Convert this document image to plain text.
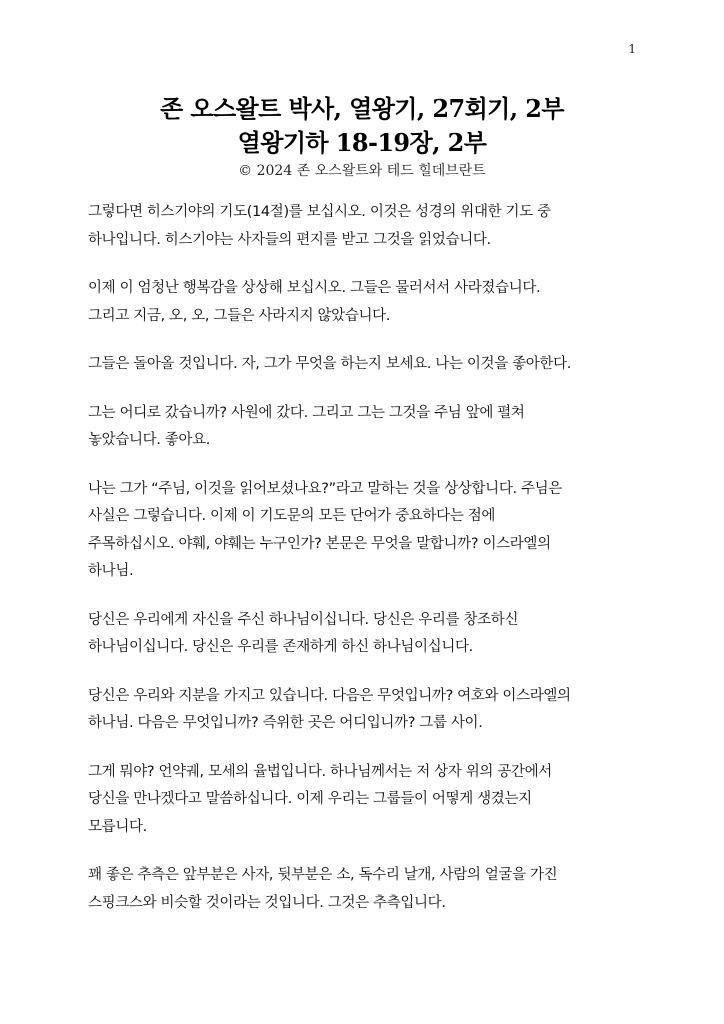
1
존 오스왈트 박사, 열왕기, 27회기, 2부
열왕기하 18-19장, 2부
© 2024 존 오스왈트와 테드 힐데브란트
그렇다면 히스기야의 기도(14절)를 보십시오. 이것은 성경의 위대한 기도 중
하나입니다. 히스기야는 사자들의 편지를 받고 그것을 읽었습니다.
이제 이 엄청난 행복감을 상상해 보십시오. 그들은 물러서서 사라졌습니다.
그리고 지금, 오, 오, 그들은 사라지지 않았습니다.
그들은 돌아올 것입니다. 자, 그가 무엇을 하는지 보세요. 나는 이것을 좋아한다.
그는 어디로 갔습니까? 사원에 갔다. 그리고 그는 그것을 주님 앞에 펼쳐
놓았습니다. 좋아요.
나는 그가 “주님, 이것을 읽어보셨나요?”라고 말하는 것을 상상합니다. 주님은
사실은 그렇습니다. 이제 이 기도문의 모든 단어가 중요하다는 점에
주목하십시오. 야훼, 야훼는 누구인가? 본문은 무엇을 말합니까? 이스라엘의
하나님.
당신은 우리에게 자신을 주신 하나님이십니다. 당신은 우리를 창조하신
하나님이십니다. 당신은 우리를 존재하게 하신 하나님이십니다.
당신은 우리와 지분을 가지고 있습니다. 다음은 무엇입니까? 여호와 이스라엘의
하나님. 다음은 무엇입니까? 즉위한 곳은 어디입니까? 그룹 사이.
그게 뭐야? 언약궤, 모세의 율법입니다. 하나님께서는 저 상자 위의 공간에서
당신을 만나겠다고 말씀하십니다. 이제 우리는 그룹들이 어떻게 생겼는지
모릅니다.
꽤 좋은 추측은 앞부분은 사자, 뒷부분은 소, 독수리 날개, 사람의 얼굴을 가진
스핑크스와 비슷할 것이라는 것입니다. 그것은 추측입니다.
